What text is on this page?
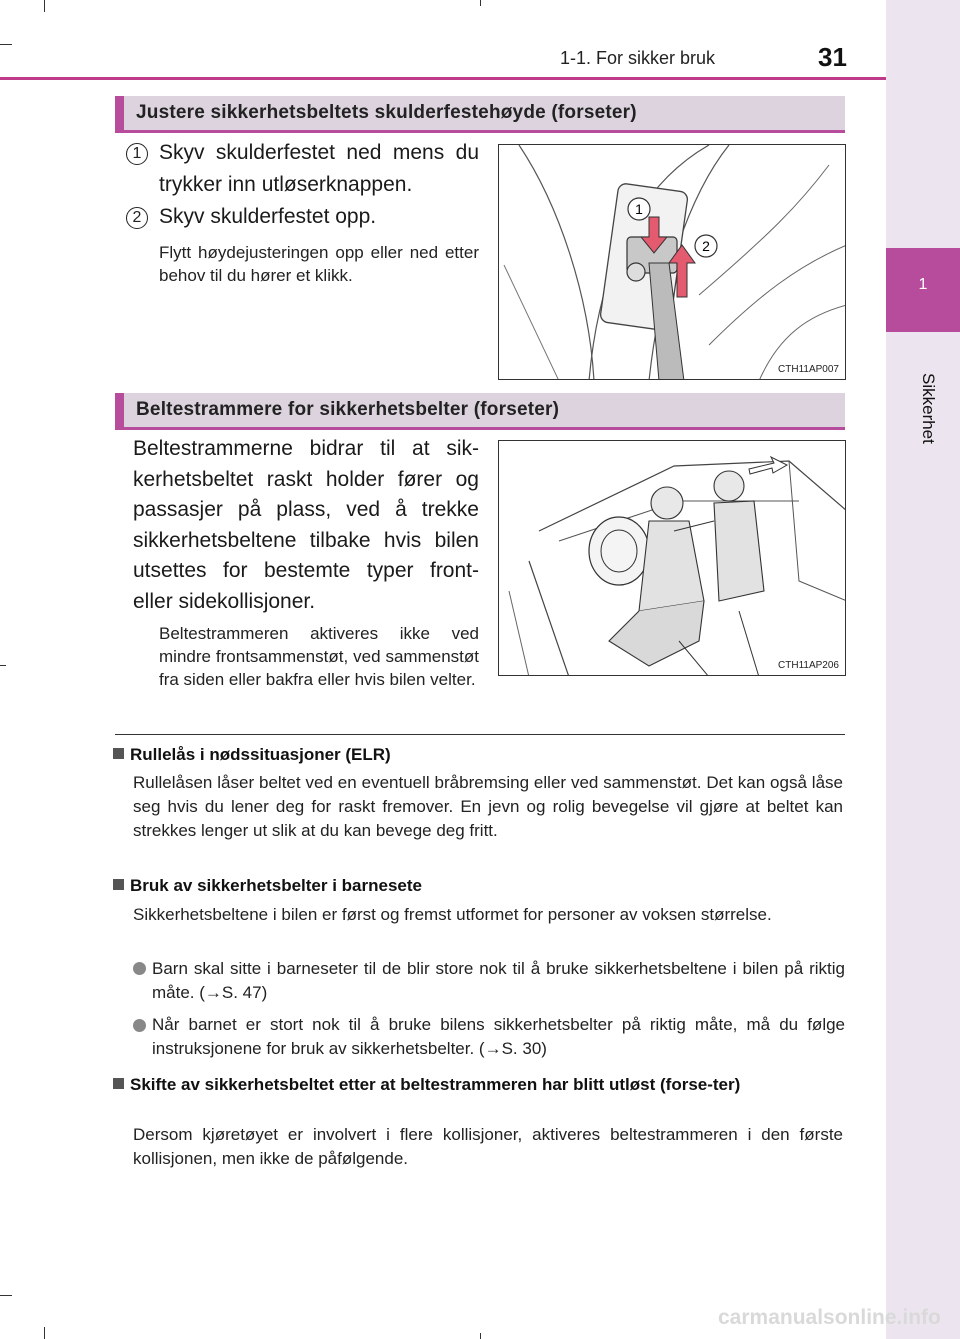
1-1. For sikker bruk	31
1
Sikkerhet
Justere sikkerhetsbeltets skulderfestehøyde (forseter)
1 Skyv skulderfestet ned mens du trykker inn utløserknappen.
2 Skyv skulderfestet opp.
Flytt høydejusteringen opp eller ned etter behov til du hører et klikk.
1
2
CTH11AP007
Beltestrammere for sikkerhetsbelter (forseter)
Beltestrammerne bidrar til at sik-kerhetsbeltet raskt holder fører og passasjer på plass, ved å trekke sikkerhetsbeltene tilbake hvis bilen utsettes for bestemte typer front- eller sidekollisjoner.
Beltestrammeren aktiveres ikke ved mindre frontsammenstøt, ved sammenstøt fra siden eller bakfra eller hvis bilen velter.
CTH11AP206
Rullelås i nødssituasjoner (ELR)
Rullelåsen låser beltet ved en eventuell bråbremsing eller ved sammenstøt. Det kan også låse seg hvis du lener deg for raskt fremover. En jevn og rolig bevegelse vil gjøre at beltet kan strekkes lenger ut slik at du kan bevege deg fritt.
Bruk av sikkerhetsbelter i barnesete
Sikkerhetsbeltene i bilen er først og fremst utformet for personer av voksen størrelse.
Barn skal sitte i barneseter til de blir store nok til å bruke sikkerhetsbeltene i bilen på riktig måte. (→S. 47)
Når barnet er stort nok til å bruke bilens sikkerhetsbelter på riktig måte, må du følge instruksjonene for bruk av sikkerhetsbelter. (→S. 30)
Skifte av sikkerhetsbeltet etter at beltestrammeren har blitt utløst (forse-ter)
Dersom kjøretøyet er involvert i flere kollisjoner, aktiveres beltestrammeren i den første kollisjonen, men ikke de påfølgende.
carmanualsonline.info
